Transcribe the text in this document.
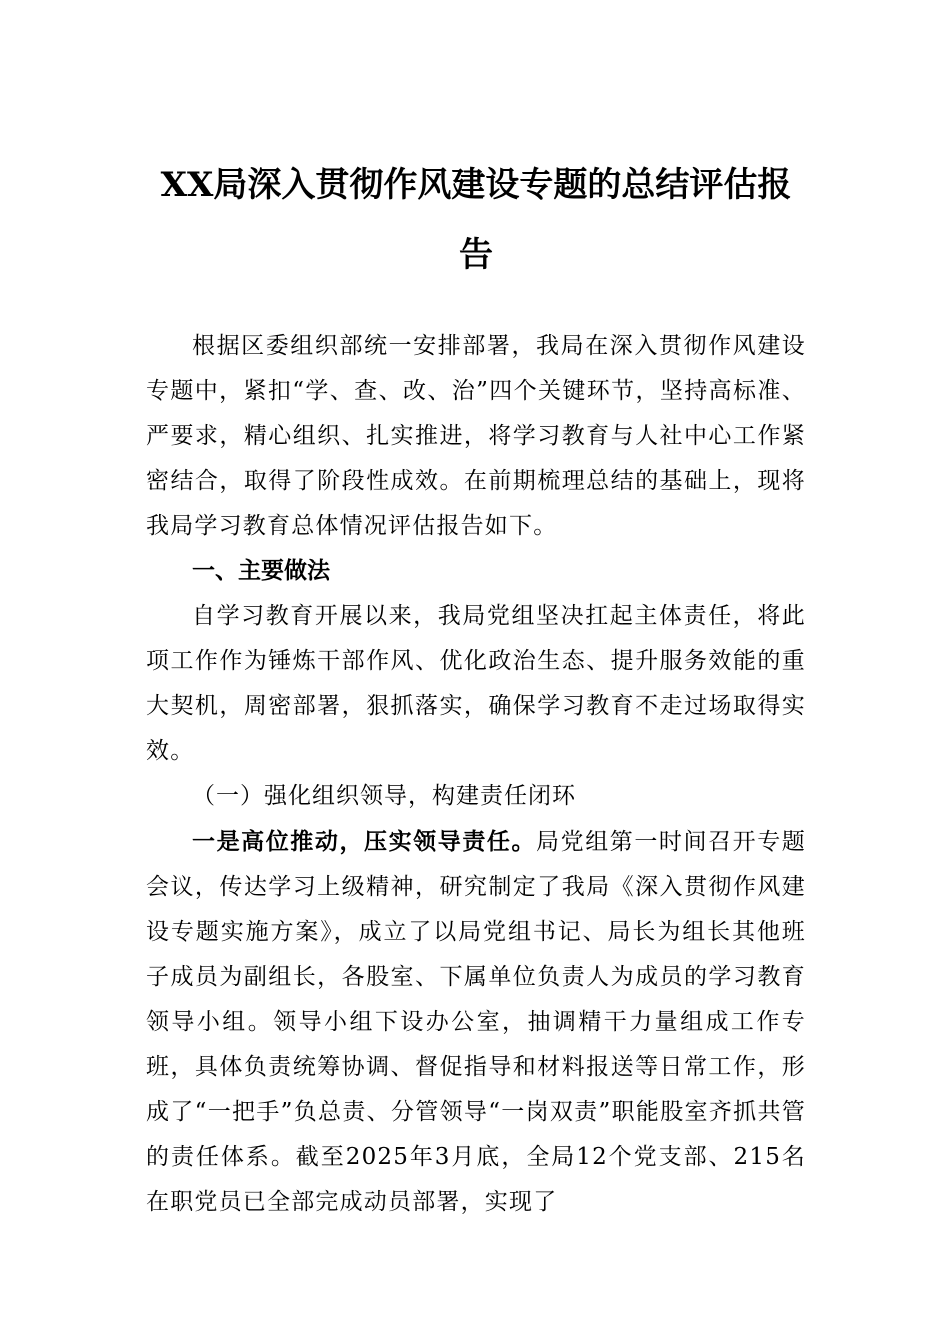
XX局深入贯彻作风建设专题的总结评估报告

根据区委组织部统一安排部署，我局在深入贯彻作风建设专题中，紧扣“学、查、改、治”四个关键环节，坚持高标准、严要求，精心组织、扎实推进，将学习教育与人社中心工作紧密结合，取得了阶段性成效。在前期梳理总结的基础上，现将我局学习教育总体情况评估报告如下。

一、主要做法

自学习教育开展以来，我局党组坚决扛起主体责任，将此项工作作为锤炼干部作风、优化政治生态、提升服务效能的重大契机，周密部署，狠抓落实，确保学习教育不走过场取得实效。

（一）强化组织领导，构建责任闭环

一是高位推动，压实领导责任。局党组第一时间召开专题会议，传达学习上级精神，研究制定了我局《深入贯彻作风建设专题实施方案》，成立了以局党组书记、局长为组长其他班子成员为副组长，各股室、下属单位负责人为成员的学习教育领导小组。领导小组下设办公室，抽调精干力量组成工作专班，具体负责统筹协调、督促指导和材料报送等日常工作，形成了“一把手”负总责、分管领导“一岗双责”职能股室齐抓共管的责任体系。截至2025年3月底，全局12个党支部、215名在职党员已全部完成动员部署，实现了
